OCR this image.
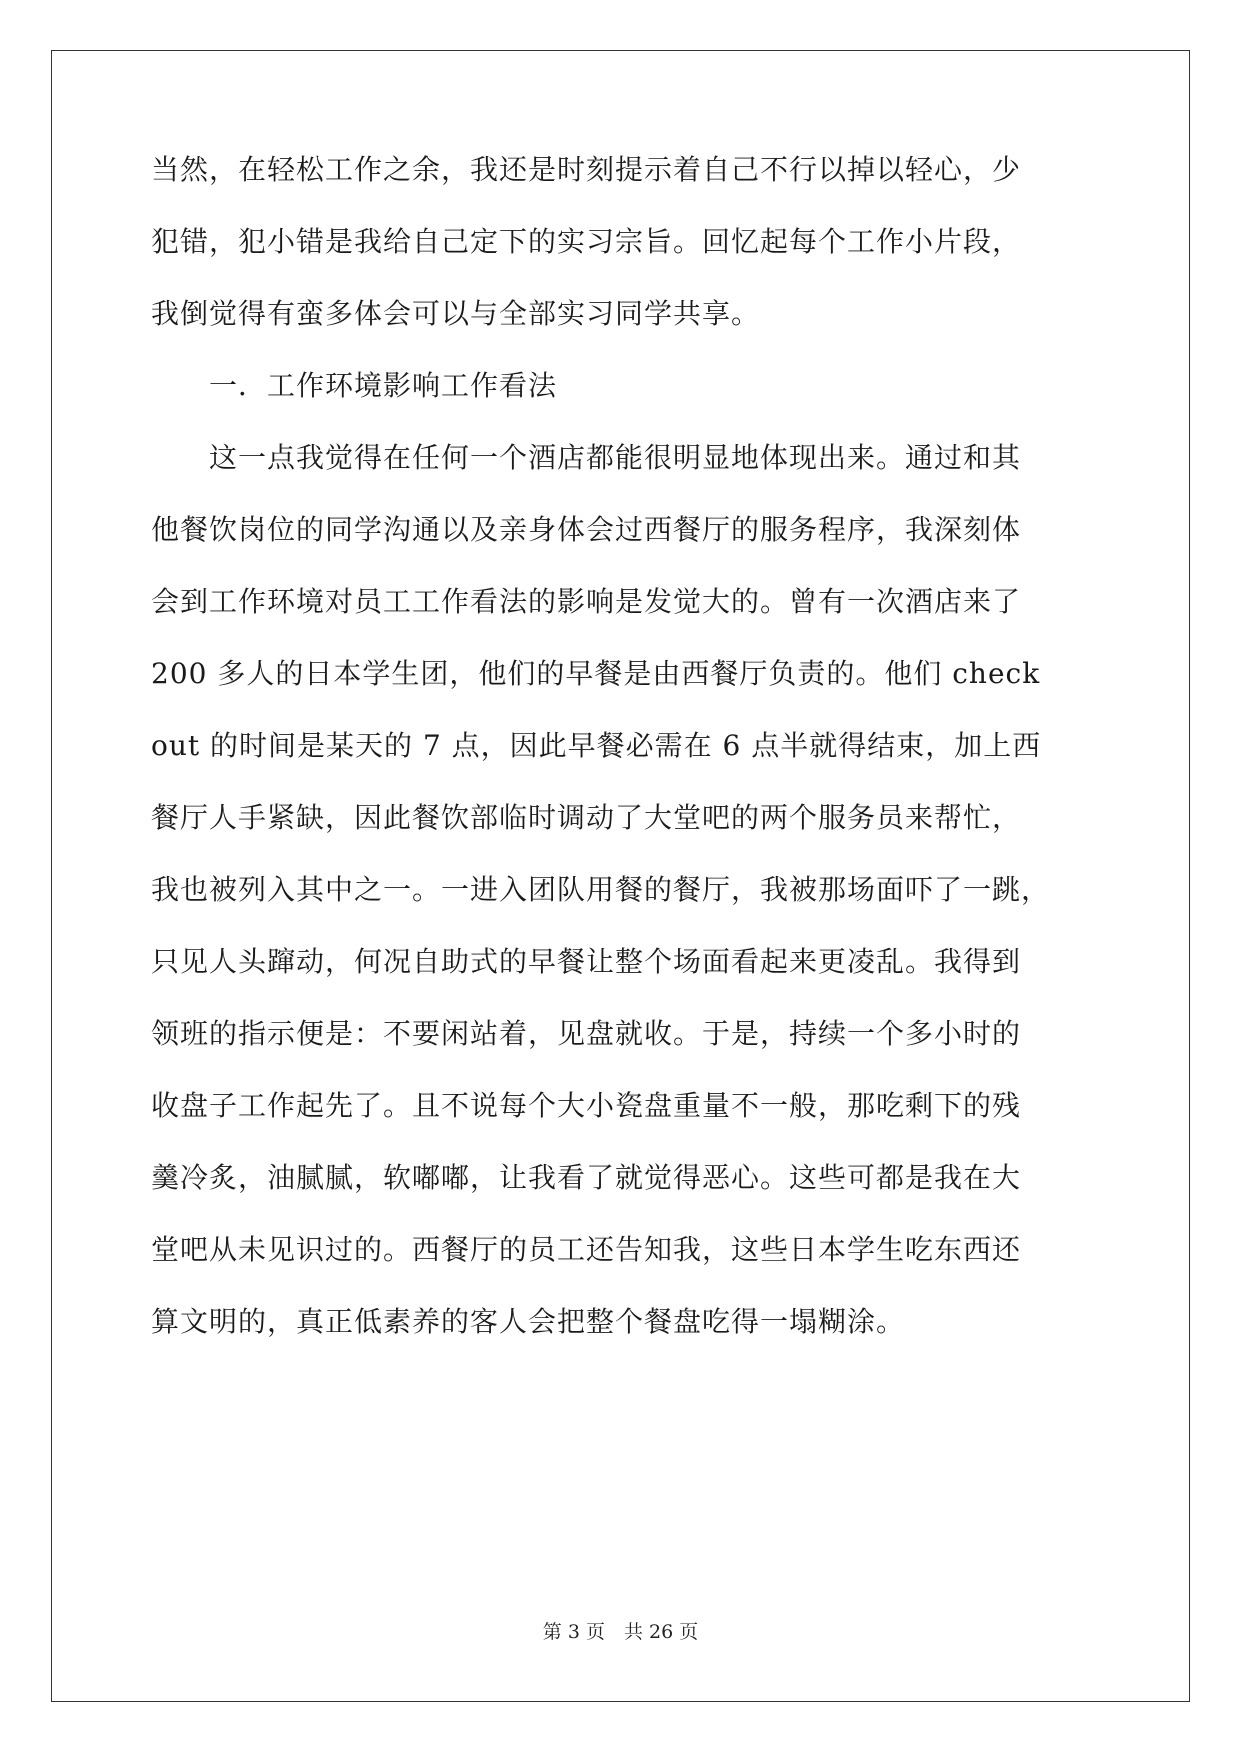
当然，在轻松工作之余，我还是时刻提示着自己不行以掉以轻心，少
犯错，犯小错是我给自己定下的实习宗旨。回忆起每个工作小片段，
我倒觉得有蛮多体会可以与全部实习同学共享。
一．工作环境影响工作看法
这一点我觉得在任何一个酒店都能很明显地体现出来。通过和其
他餐饮岗位的同学沟通以及亲身体会过西餐厅的服务程序，我深刻体
会到工作环境对员工工作看法的影响是发觉大的。曾有一次酒店来了
200 多人的日本学生团，他们的早餐是由西餐厅负责的。他们 check
out 的时间是某天的 7 点，因此早餐必需在 6 点半就得结束，加上西
餐厅人手紧缺，因此餐饮部临时调动了大堂吧的两个服务员来帮忙，
我也被列入其中之一。一进入团队用餐的餐厅，我被那场面吓了一跳，
只见人头蹿动，何况自助式的早餐让整个场面看起来更凌乱。我得到
领班的指示便是：不要闲站着，见盘就收。于是，持续一个多小时的
收盘子工作起先了。且不说每个大小瓷盘重量不一般，那吃剩下的残
羹冷炙，油腻腻，软嘟嘟，让我看了就觉得恶心。这些可都是我在大
堂吧从未见识过的。西餐厅的员工还告知我，这些日本学生吃东西还
算文明的，真正低素养的客人会把整个餐盘吃得一塌糊涂。
第 3 页　共 26 页
